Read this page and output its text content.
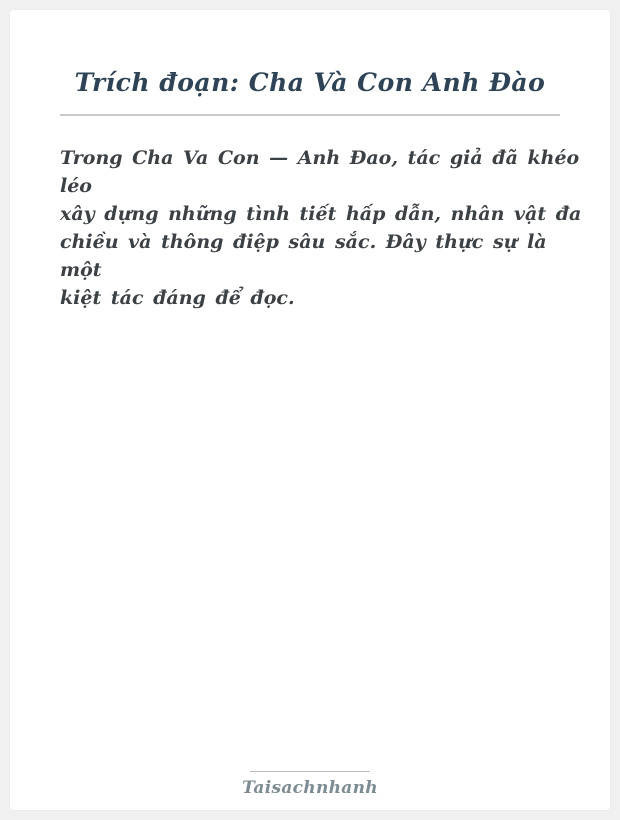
Trích đoạn: Cha Và Con Anh Đào
Trong Cha Va Con — Anh Đao, tác giả đã khéo
léo
xây dựng những tình tiết hấp dẫn, nhân vật đa
chiều và thông điệp sâu sắc. Đây thực sự là
một
kiệt tác đáng để đọc.
Taisachnhanh
